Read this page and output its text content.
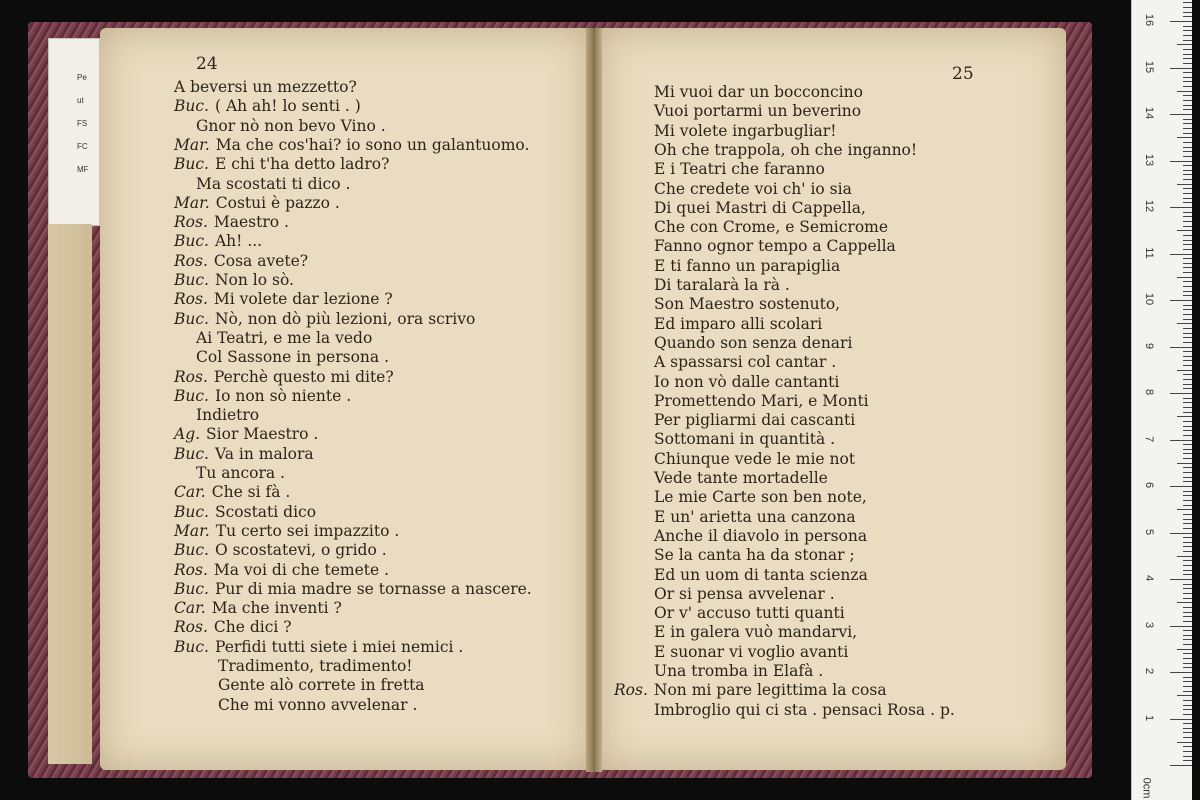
Pe
ut
FS
FC
MF
24
A beversi un mezzetto?
Buc. ( Ah ah! lo senti . )
Gnor nò non bevo Vino .
Mar. Ma che cos'hai? io sono un galantuomo.
Buc. E chi t'ha detto ladro?
Ma scostati ti dico .
Mar. Costui è pazzo .
Ros. Maestro .
Buc. Ah! ...
Ros. Cosa avete?
Buc. Non lo sò.
Ros. Mi volete dar lezione ?
Buc. Nò, non dò più lezioni, ora scrivo
Ai Teatri, e me la vedo
Col Sassone in persona .
Ros. Perchè questo mi dite?
Buc. Io non sò niente .
Indietro
Ag. Sior Maestro .
Buc. Va in malora
Tu ancora .
Car. Che si fà .
Buc. Scostati dico
Mar. Tu certo sei impazzito .
Buc. O scostatevi, o grido .
Ros. Ma voi di che temete .
Buc. Pur di mia madre se tornasse a nascere.
Car. Ma che inventi ?
Ros. Che dici ?
Buc. Perfidi tutti siete i miei nemici .
Tradimento, tradimento!
Gente alò correte in fretta
Che mi vonno avvelenar .
25
Mi vuoi dar un bocconcino
Vuoi portarmi un beverino
Mi volete ingarbugliar!
Oh che trappola, oh che inganno!
E i Teatri che faranno
Che credete voi ch' io sia
Di quei Mastri di Cappella,
Che con Crome, e Semicrome
Fanno ognor tempo a Cappella
E ti fanno un parapiglia
Di taralarà la rà .
Son Maestro sostenuto,
Ed imparo alli scolari
Quando son senza denari
A spassarsi col cantar .
Io non vò dalle cantanti
Promettendo Mari, e Monti
Per pigliarmi dai cascanti
Sottomani in quantità .
Chiunque vede le mie not
Vede tante mortadelle
Le mie Carte son ben note,
E un' arietta una canzona
Anche il diavolo in persona
Se la canta ha da stonar ;
Ed un uom di tanta scienza
Or si pensa avvelenar .
Or v' accuso tutti quanti
E in galera vuò mandarvi,
E suonar vi voglio avanti
Una tromba in Elafà .
Ros. Non mi pare legittima la cosa
Imbroglio qui ci sta . pensaci Rosa . p.
0cm
1
2
3
4
5
6
7
8
9
10
11
12
13
14
15
16
